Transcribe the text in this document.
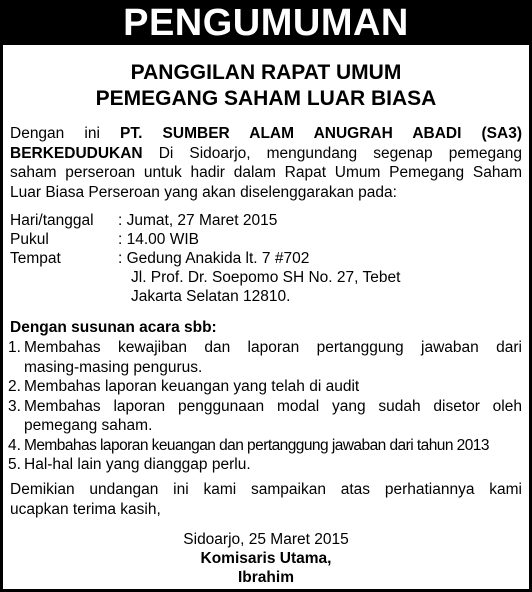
PENGUMUMAN
PANGGILAN RAPAT UMUM
PEMEGANG SAHAM LUAR BIASA
Dengan ini PT. SUMBER ALAM ANUGRAH ABADI (SA3)
BERKEDUDUKAN Di Sidoarjo, mengundang segenap pemegang
saham perseroan untuk hadir dalam Rapat Umum Pemegang Saham
Luar Biasa Perseroan yang akan diselenggarakan pada:
Hari/tanggal : Jumat, 27 Maret 2015
Pukul	: 14.00 WIB
Tempat	: Gedung Anakida lt. 7 #702
Jl. Prof. Dr. Soepomo SH No. 27, Tebet
Jakarta Selatan 12810.
Dengan susunan acara sbb:
1. Membahas kewajiban dan laporan pertanggung jawaban dari
masing-masing pengurus.
2. Membahas laporan keuangan yang telah di audit
3. Membahas laporan penggunaan modal yang sudah disetor oleh
pemegang saham.
4. Membahas laporan keuangan dan pertanggung jawaban dari tahun 2013
5. Hal-hal lain yang dianggap perlu.
Demikian undangan ini kami sampaikan atas perhatiannya kami
ucapkan terima kasih,
Sidoarjo, 25 Maret 2015
Komisaris Utama,
Ibrahim
